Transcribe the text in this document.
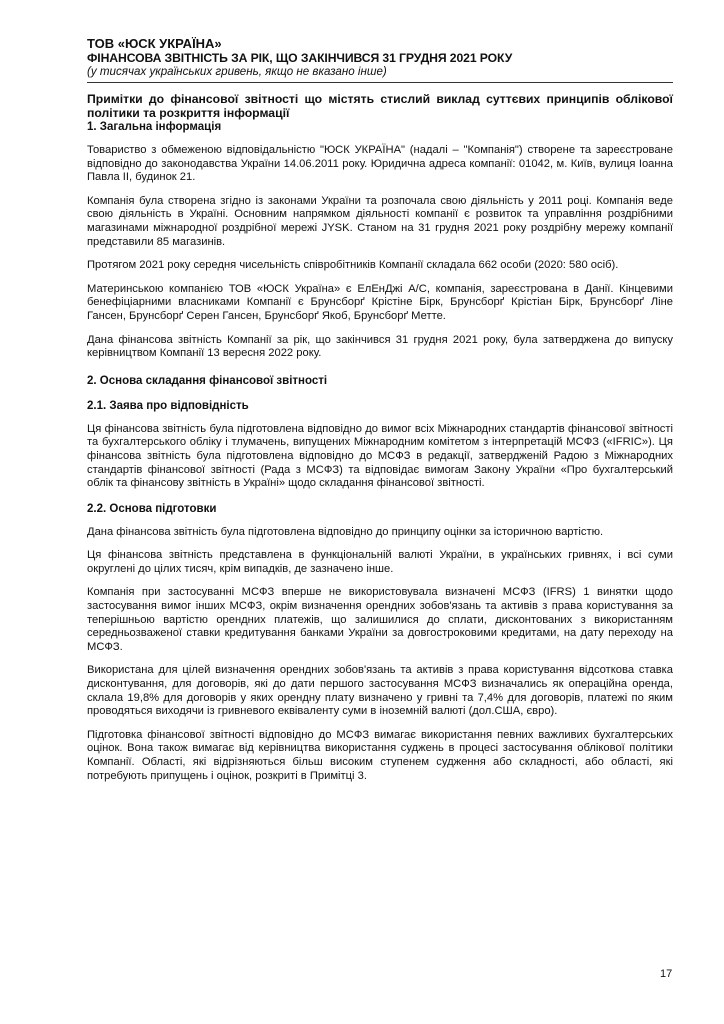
ТОВ «ЮСК УКРАЇНА»
ФІНАНСОВА ЗВІТНІСТЬ ЗА РІК, ЩО ЗАКІНЧИВСЯ 31 ГРУДНЯ 2021 РОКУ
(у тисячах українських гривень, якщо не вказано інше)
Примітки до фінансової звітності що містять стислий виклад суттєвих принципів облікової політики та розкриття інформації
1. Загальна інформація

Товариство з обмеженою відповідальністю "ЮСК УКРАЇНА" (надалі – "Компанія") створене та зареєстроване відповідно до законодавства України 14.06.2011 року. Юридична адреса компанії: 01042, м. Київ, вулиця Іоанна Павла ІІ, будинок 21.

Компанія була створена згідно із законами України та розпочала свою діяльність у 2011 році. Компанія веде свою діяльність в Україні. Основним напрямком діяльності компанії є розвиток та управління роздрібними магазинами міжнародної роздрібної мережі JYSK. Станом на 31 грудня 2021 року роздрібну мережу компанії представили 85 магазинів.

Протягом 2021 року середня чисельність співробітників Компанії складала 662 особи (2020: 580 осіб).

Материнською компанією ТОВ «ЮСК Україна» є ЕлЕнДжі А/С, компанія, зареєстрована в Данії. Кінцевими бенефіціарними власниками Компанії є Брунсборґ Крістіне Бірк, Брунсборґ Крістіан Бірк, Брунсборґ Ліне Гансен, Брунсборґ Серен Гансен, Брунсборґ Якоб, Брунсборґ Метте.

Дана фінансова звітність Компанії за рік, що закінчився 31 грудня 2021 року, була затверджена до випуску керівництвом Компанії 13 вересня 2022 року.

2. Основа складання фінансової звітності
2.1. Заява про відповідність

Ця фінансова звітність була підготовлена відповідно до вимог всіх Міжнародних стандартів фінансової звітності та бухгалтерського обліку і тлумачень, випущених Міжнародним комітетом з інтерпретацій МСФЗ («IFRIC»). Ця фінансова звітність була підготовлена відповідно до МСФЗ в редакції, затвердженій Радою з Міжнародних стандартів фінансової звітності (Рада з МСФЗ) та відповідає вимогам Закону України «Про бухгалтерський облік та фінансову звітність в Україні» щодо складання фінансової звітності.

2.2. Основа підготовки

Дана фінансова звітність була підготовлена відповідно до принципу оцінки за історичною вартістю.

Ця фінансова звітність представлена в функціональній валюті України, в українських гривнях, і всі суми округлені до цілих тисяч, крім випадків, де зазначено інше.

Компанія при застосуванні МСФЗ вперше не використовувала визначені МСФЗ (IFRS) 1 винятки щодо застосування вимог інших МСФЗ, окрім визначення орендних зобов'язань та активів з права користування за теперішньою вартістю орендних платежів, що залишилися до сплати, дисконтованих з використанням середньозваженої ставки кредитування банками України за довгостроковими кредитами, на дату переходу на МСФЗ.

Використана для цілей визначення орендних зобов'язань та активів з права користування відсоткова ставка дисконтування, для договорів, які до дати першого застосування МСФЗ визначались як операційна оренда, склала 19,8% для договорів у яких орендну плату визначено у гривні та 7,4% для договорів, платежі по яким проводяться виходячи із гривневого еквіваленту суми в іноземній валюті (дол.США, євро).

Підготовка фінансової звітності відповідно до МСФЗ вимагає використання певних важливих бухгалтерських оцінок. Вона також вимагає від керівництва використання суджень в процесі застосування облікової політики Компанії. Області, які відрізняються більш високим ступенем судження або складності, або області, які потребують припущень і оцінок, розкриті в Примітці 3.

17
